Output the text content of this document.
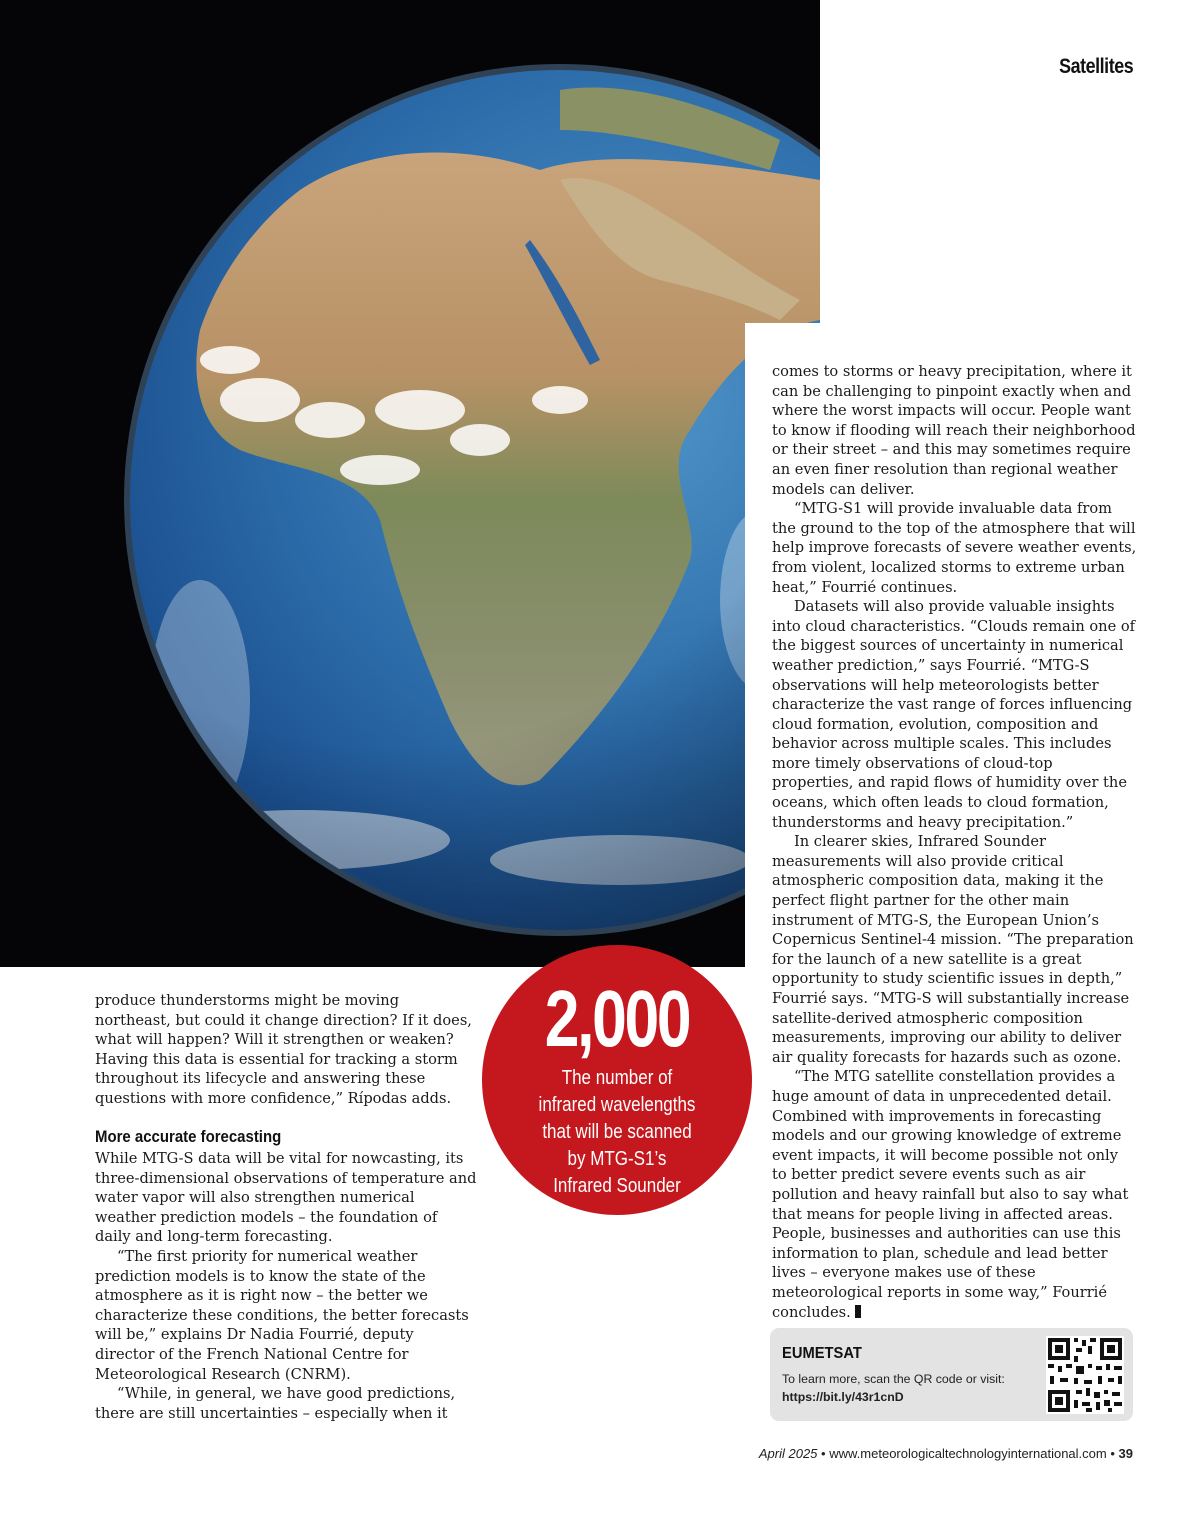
Satellites

produce thunderstorms might be moving northeast, but could it change direction? If it does, what will happen? Will it strengthen or weaken? Having this data is essential for tracking a storm throughout its lifecycle and answering these questions with more confidence,” Rípodas adds.

More accurate forecasting

While MTG-S data will be vital for nowcasting, its three-dimensional observations of temperature and water vapor will also strengthen numerical weather prediction models – the foundation of daily and long-term forecasting.

“The first priority for numerical weather prediction models is to know the state of the atmosphere as it is right now – the better we characterize these conditions, the better forecasts will be,” explains Dr Nadia Fourrié, deputy director of the French National Centre for Meteorological Research (CNRM).

“While, in general, we have good predictions, there are still uncertainties – especially when it

2,000
The number of infrared wavelengths that will be scanned by MTG-S1’s Infrared Sounder

comes to storms or heavy precipitation, where it can be challenging to pinpoint exactly when and where the worst impacts will occur. People want to know if flooding will reach their neighborhood or their street – and this may sometimes require an even finer resolution than regional weather models can deliver.

“MTG-S1 will provide invaluable data from the ground to the top of the atmosphere that will help improve forecasts of severe weather events, from violent, localized storms to extreme urban heat,” Fourrié continues.

Datasets will also provide valuable insights into cloud characteristics. “Clouds remain one of the biggest sources of uncertainty in numerical weather prediction,” says Fourrié. “MTG-S observations will help meteorologists better characterize the vast range of forces influencing cloud formation, evolution, composition and behavior across multiple scales. This includes more timely observations of cloud-top properties, and rapid flows of humidity over the oceans, which often leads to cloud formation, thunderstorms and heavy precipitation.”

In clearer skies, Infrared Sounder measurements will also provide critical atmospheric composition data, making it the perfect flight partner for the other main instrument of MTG-S, the European Union’s Copernicus Sentinel-4 mission. “The preparation for the launch of a new satellite is a great opportunity to study scientific issues in depth,” Fourrié says. “MTG-S will substantially increase satellite-derived atmospheric composition measurements, improving our ability to deliver air quality forecasts for hazards such as ozone.

“The MTG satellite constellation provides a huge amount of data in unprecedented detail. Combined with improvements in forecasting models and our growing knowledge of extreme event impacts, it will become possible not only to better predict severe events such as air pollution and heavy rainfall but also to say what that means for people living in affected areas. People, businesses and authorities can use this information to plan, schedule and lead better lives – everyone makes use of these meteorological reports in some way,” Fourrié concludes.

EUMETSAT
To learn more, scan the QR code or visit:
https://bit.ly/43r1cnD
April 2025 • www.meteorologicaltechnologyinternational.com • 39
